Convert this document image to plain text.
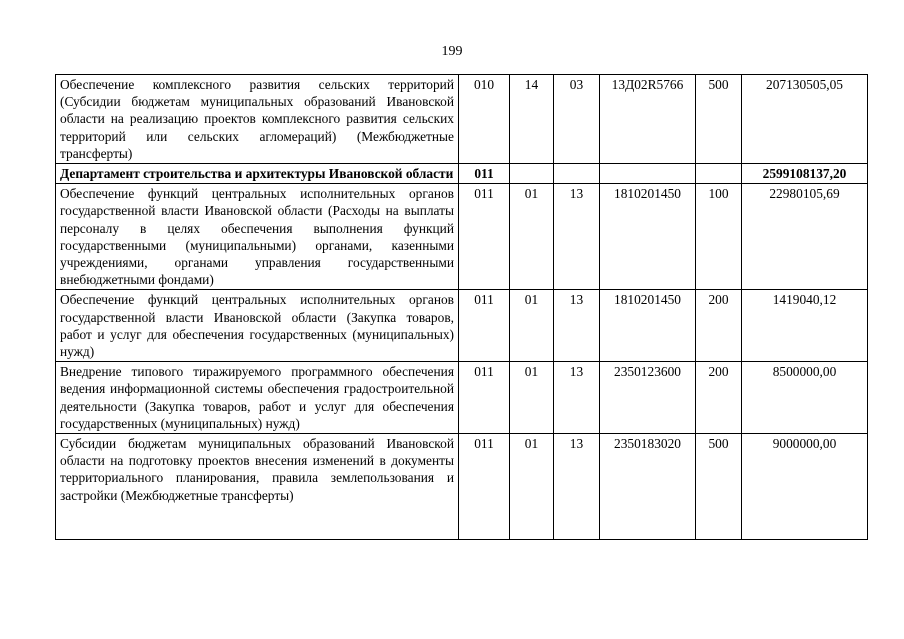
199
Обеспечение комплексного развития сельских территорий (Субсидии бюджетам муниципальных образований Ивановской области на реализацию проектов комплексного развития сельских территорий или сельских агломераций) (Межбюджетные трансферты)	010	14	03	13Д02R5766	500	207130505,05
Департамент строительства и архитектуры Ивановской области	011					2599108137,20
Обеспечение функций центральных исполнительных органов государственной власти Ивановской области (Расходы на выплаты персоналу в целях обеспечения выполнения функций государственными (муниципальными) органами, казенными учреждениями, органами управления государственными внебюджетными фондами)	011	01	13	1810201450	100	22980105,69
Обеспечение функций центральных исполнительных органов государственной власти Ивановской области (Закупка товаров, работ и услуг для обеспечения государственных (муниципальных) нужд)	011	01	13	1810201450	200	1419040,12
Внедрение типового тиражируемого программного обеспечения ведения информационной системы обеспечения градостроительной деятельности (Закупка товаров, работ и услуг для обеспечения государственных (муниципальных) нужд)	011	01	13	2350123600	200	8500000,00
Субсидии бюджетам муниципальных образований Ивановской области на подготовку проектов внесения изменений в документы территориального планирования, правила землепользования и застройки (Межбюджетные трансферты)	011	01	13	2350183020	500	9000000,00
